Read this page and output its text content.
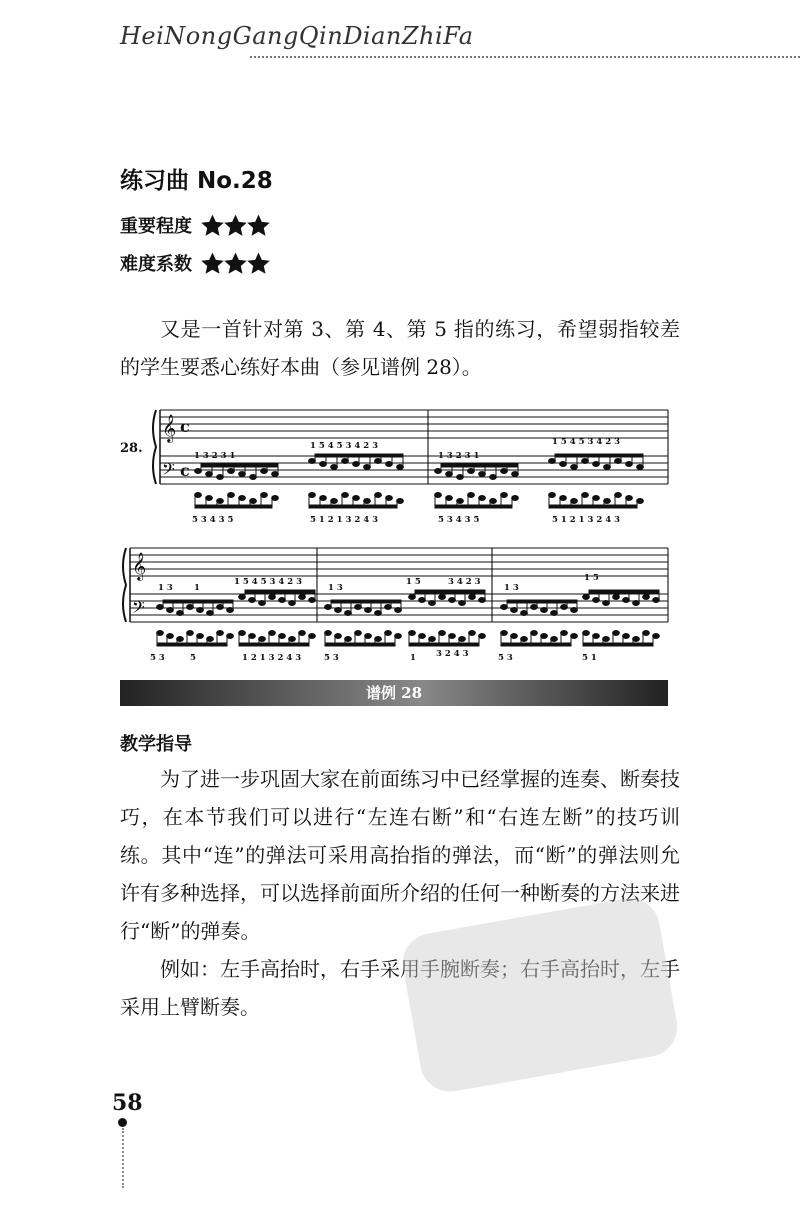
HeiNongGangQinDianZhiFa
练习曲 No.28
重要程度
难度系数

又是一首针对第 3、第 4、第 5 指的练习，希望弱指较差的学生要悉心练好本曲（参见谱例 28）。

𝄞
𝄢
𝄞
𝄢
c
c
28.	1 3 2 3 1
1 5 4 5 3 4 2 3
1 3 2 3 1
1 5 4 5 3 4 2 3
5 3 4 3 5	5 1 2 1 3 2 4 3	5 3 4 3 5	5 1 2 1 3 2 4 3
1 3 1
1 5 4 5 3 4 2 3
1 3
1 5	3 4 2 3
1 3
1 5
5 3	5	1 2 1 3 2 4 3	5 3	1 3 2 4 3	5 3	5 1
谱例 28
教学指导

为了进一步巩固大家在前面练习中已经掌握的连奏、断奏技巧，在本节我们可以进行“左连右断”和“右连左断”的技巧训练。其中“连”的弹法可采用高抬指的弹法，而“断”的弹法则允许有多种选择，可以选择前面所介绍的任何一种断奏的方法来进行“断”的弹奏。

例如：左手高抬时，右手采用手腕断奏；右手高抬时，左手采用上臂断奏。

58
